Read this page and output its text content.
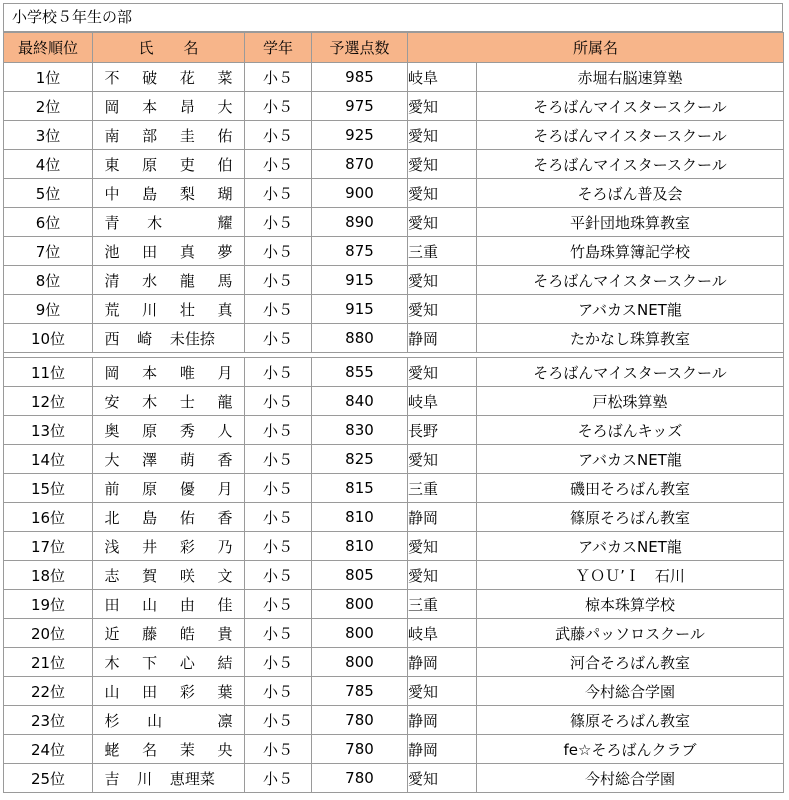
小学校５年生の部
最終順位	氏　　名	学年	予選点数	所属名	
1位	不 破 花 菜	小５	985	岐阜	赤堀右脳速算塾
2位	岡 本 昂 大	小５	975	愛知	そろばんマイスタースクール
3位	南 部 圭 佑	小５	925	愛知	そろばんマイスタースクール
4位	東 原 吏 伯	小５	870	愛知	そろばんマイスタースクール
5位	中 島 梨 瑚	小５	900	愛知	そろばん普及会
6位	青 木 耀	小５	890	愛知	平針団地珠算教室
7位	池 田 真 夢	小５	875	三重	竹島珠算簿記学校
8位	清 水 龍 馬	小５	915	愛知	そろばんマイスタースクール
9位	荒 川 壮 真	小５	915	愛知	アバカスNET龍
10位	西 崎 未佳捺	小５	880	静岡	たかなし珠算教室

11位	岡 本 唯 月	小５	855	愛知	そろばんマイスタースクール
12位	安 木 士 龍	小５	840	岐阜	戸松珠算塾
13位	奥 原 秀 人	小５	830	長野	そろばんキッズ
14位	大 澤 萌 香	小５	825	愛知	アバカスNET龍
15位	前 原 優 月	小５	815	三重	磯田そろばん教室
16位	北 島 佑 香	小５	810	静岡	篠原そろばん教室
17位	浅 井 彩 乃	小５	810	愛知	アバカスNET龍
18位	志 賀 咲 文	小５	805	愛知	ＹＯＵ’Ｉ　石川
19位	田 山 由 佳	小５	800	三重	椋本珠算学校
20位	近 藤 皓 貴	小５	800	岐阜	武藤パッソロスクール
21位	木 下 心 結	小５	800	静岡	河合そろばん教室
22位	山 田 彩 葉	小５	785	愛知	今村総合学園
23位	杉 山 凛	小５	780	静岡	篠原そろばん教室
24位	蛯 名 茉 央	小５	780	静岡	fe☆そろばんクラブ
25位	吉 川 恵理菜	小５	780	愛知	今村総合学園
